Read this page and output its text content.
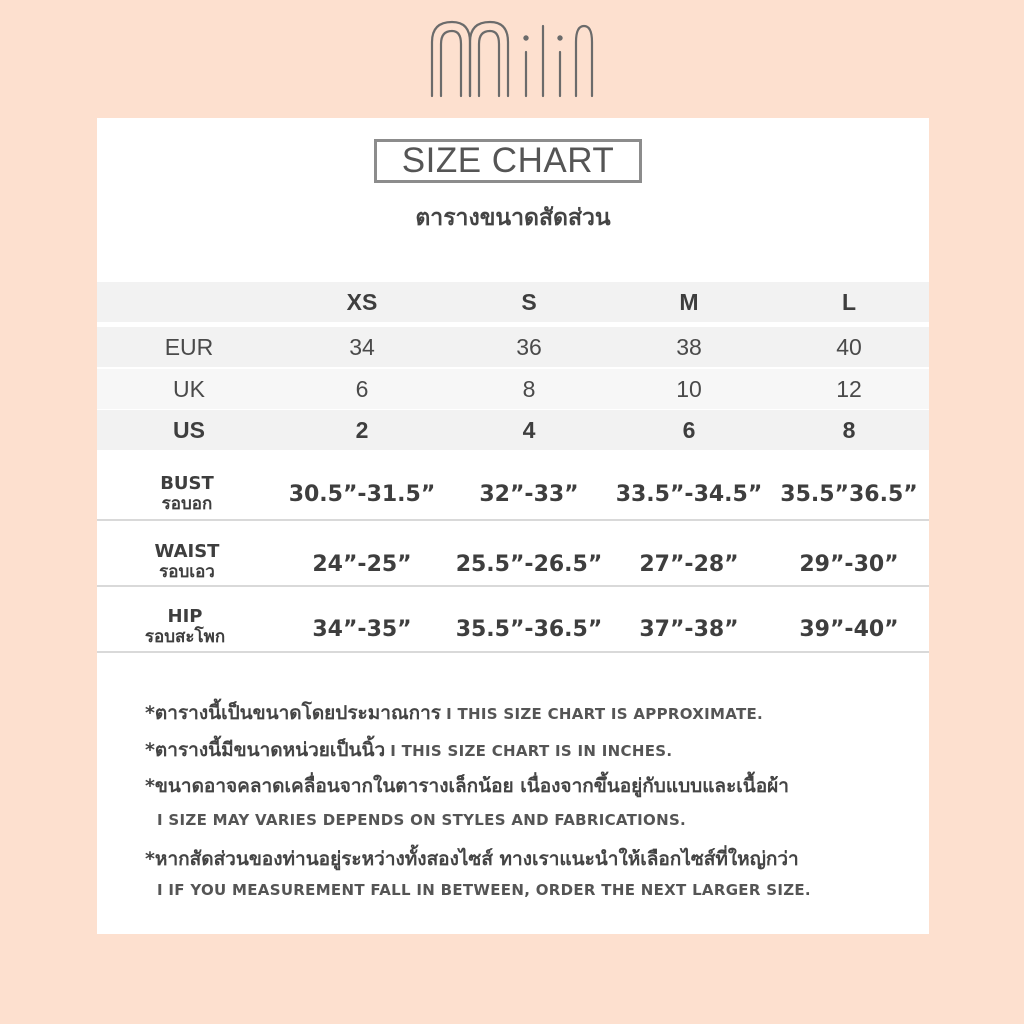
SIZE CHART
ตารางขนาดสัดส่วน
XS	S	M	L
EUR	34	36	38	40
UK	6	8	10	12
US	2	4	6	8
BUST
รอบอก	30.5”-31.5” 32”-33” 33.5”-34.5” 35.5”36.5”
WAIST
รอบเอว	24”-25” 25.5”-26.5” 27”-28”	29”-30”
HIP
รอบสะโพก	34”-35” 35.5”-36.5” 37”-38”	39”-40”
*ตารางนี้เป็นขนาดโดยประมาณการ I THIS SIZE CHART IS APPROXIMATE.
*ตารางนี้มีขนาดหน่วยเป็นนิ้ว I THIS SIZE CHART IS IN INCHES.
*ขนาดอาจคลาดเคลื่อนจากในตารางเล็กน้อย เนื่องจากขึ้นอยู่กับแบบและเนื้อผ้า
I SIZE MAY VARIES DEPENDS ON STYLES AND FABRICATIONS.
*หากสัดส่วนของท่านอยู่ระหว่างทั้งสองไซส์ ทางเราแนะนำให้เลือกไซส์ที่ใหญ่กว่า
I IF YOU MEASUREMENT FALL IN BETWEEN, ORDER THE NEXT LARGER SIZE.
